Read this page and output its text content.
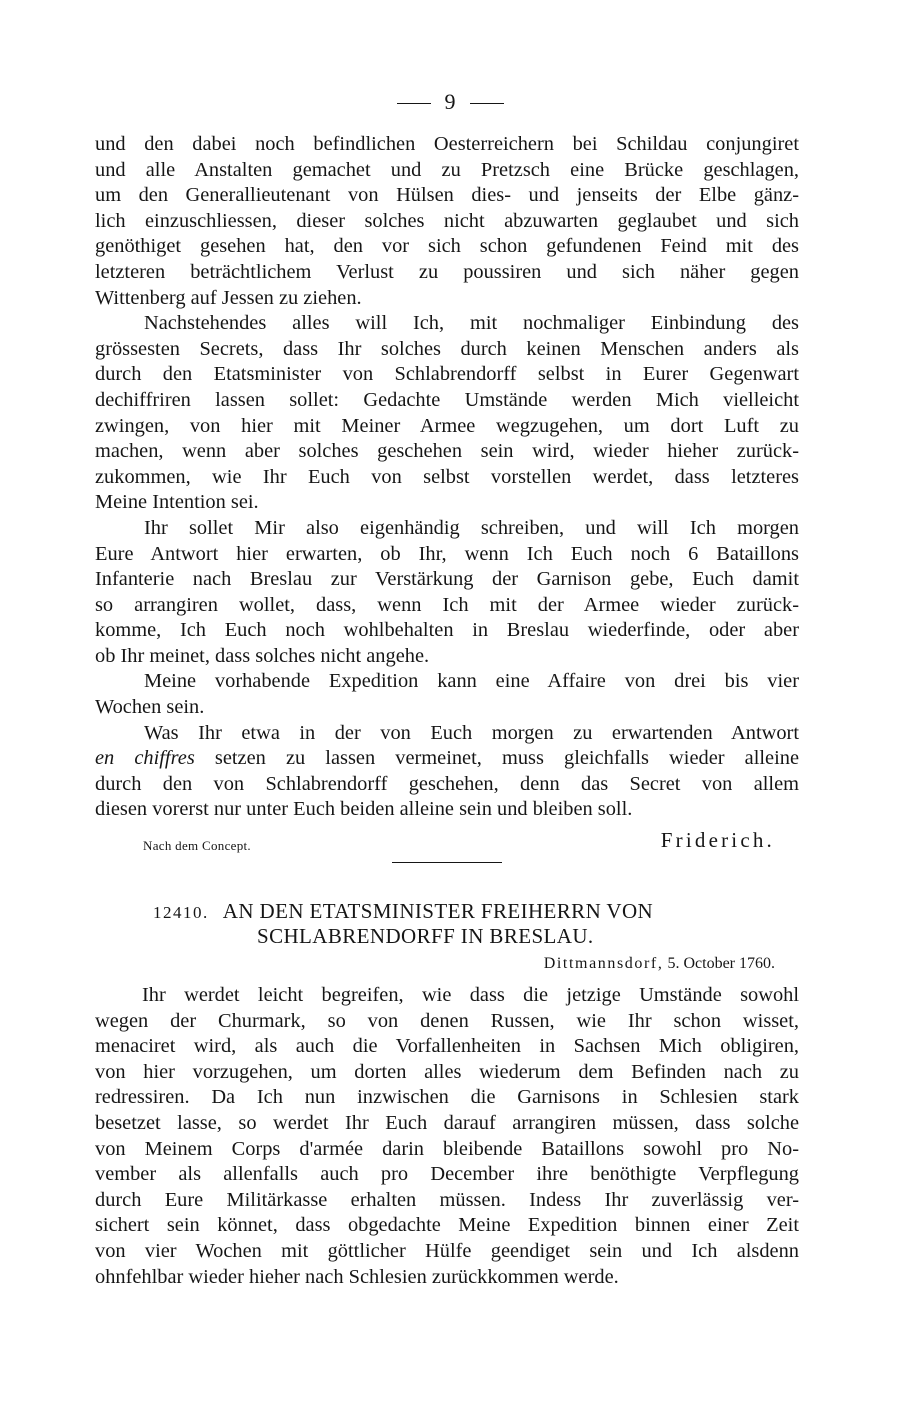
9
und den dabei noch befindlichen Oesterreichern bei Schildau conjungiret
und alle Anstalten gemachet und zu Pretzsch eine Brücke geschlagen,
um den Generallieutenant von Hülsen dies- und jenseits der Elbe gänz-
lich einzuschliessen, dieser solches nicht abzuwarten geglaubet und sich
genöthiget gesehen hat, den vor sich schon gefundenen Feind mit des
letzteren beträchtlichem Verlust zu poussiren und sich näher gegen
Wittenberg auf Jessen zu ziehen.
Nachstehendes alles will Ich, mit nochmaliger Einbindung des
grössesten Secrets, dass Ihr solches durch keinen Menschen anders als
durch den Etatsminister von Schlabrendorff selbst in Eurer Gegenwart
dechiffriren lassen sollet: Gedachte Umstände werden Mich vielleicht
zwingen, von hier mit Meiner Armee wegzugehen, um dort Luft zu
machen, wenn aber solches geschehen sein wird, wieder hieher zurück-
zukommen, wie Ihr Euch von selbst vorstellen werdet, dass letzteres
Meine Intention sei.
Ihr sollet Mir also eigenhändig schreiben, und will Ich morgen
Eure Antwort hier erwarten, ob Ihr, wenn Ich Euch noch 6 Bataillons
Infanterie nach Breslau zur Verstärkung der Garnison gebe, Euch damit
so arrangiren wollet, dass, wenn Ich mit der Armee wieder zurück-
komme, Ich Euch noch wohlbehalten in Breslau wiederfinde, oder aber
ob Ihr meinet, dass solches nicht angehe.
Meine vorhabende Expedition kann eine Affaire von drei bis vier
Wochen sein.
Was Ihr etwa in der von Euch morgen zu erwartenden Antwort
en chiffres setzen zu lassen vermeinet, muss gleichfalls wieder alleine
durch den von Schlabrendorff geschehen, denn das Secret von allem
diesen vorerst nur unter Euch beiden alleine sein und bleiben soll.
Nach dem Concept.	Friderich.
12410. AN DEN ETATSMINISTER FREIHERRN VON
SCHLABRENDORFF IN BRESLAU.
Dittmannsdorf, 5. October 1760.
Ihr werdet leicht begreifen, wie dass die jetzige Umstände sowohl
wegen der Churmark, so von denen Russen, wie Ihr schon wisset,
menaciret wird, als auch die Vorfallenheiten in Sachsen Mich obligiren,
von hier vorzugehen, um dorten alles wiederum dem Befinden nach zu
redressiren. Da Ich nun inzwischen die Garnisons in Schlesien stark
besetzet lasse, so werdet Ihr Euch darauf arrangiren müssen, dass solche
von Meinem Corps d'armée darin bleibende Bataillons sowohl pro No-
vember als allenfalls auch pro December ihre benöthigte Verpflegung
durch Eure Militärkasse erhalten müssen. Indess Ihr zuverlässig ver-
sichert sein könnet, dass obgedachte Meine Expedition binnen einer Zeit
von vier Wochen mit göttlicher Hülfe geendiget sein und Ich alsdenn
ohnfehlbar wieder hieher nach Schlesien zurückkommen werde.
